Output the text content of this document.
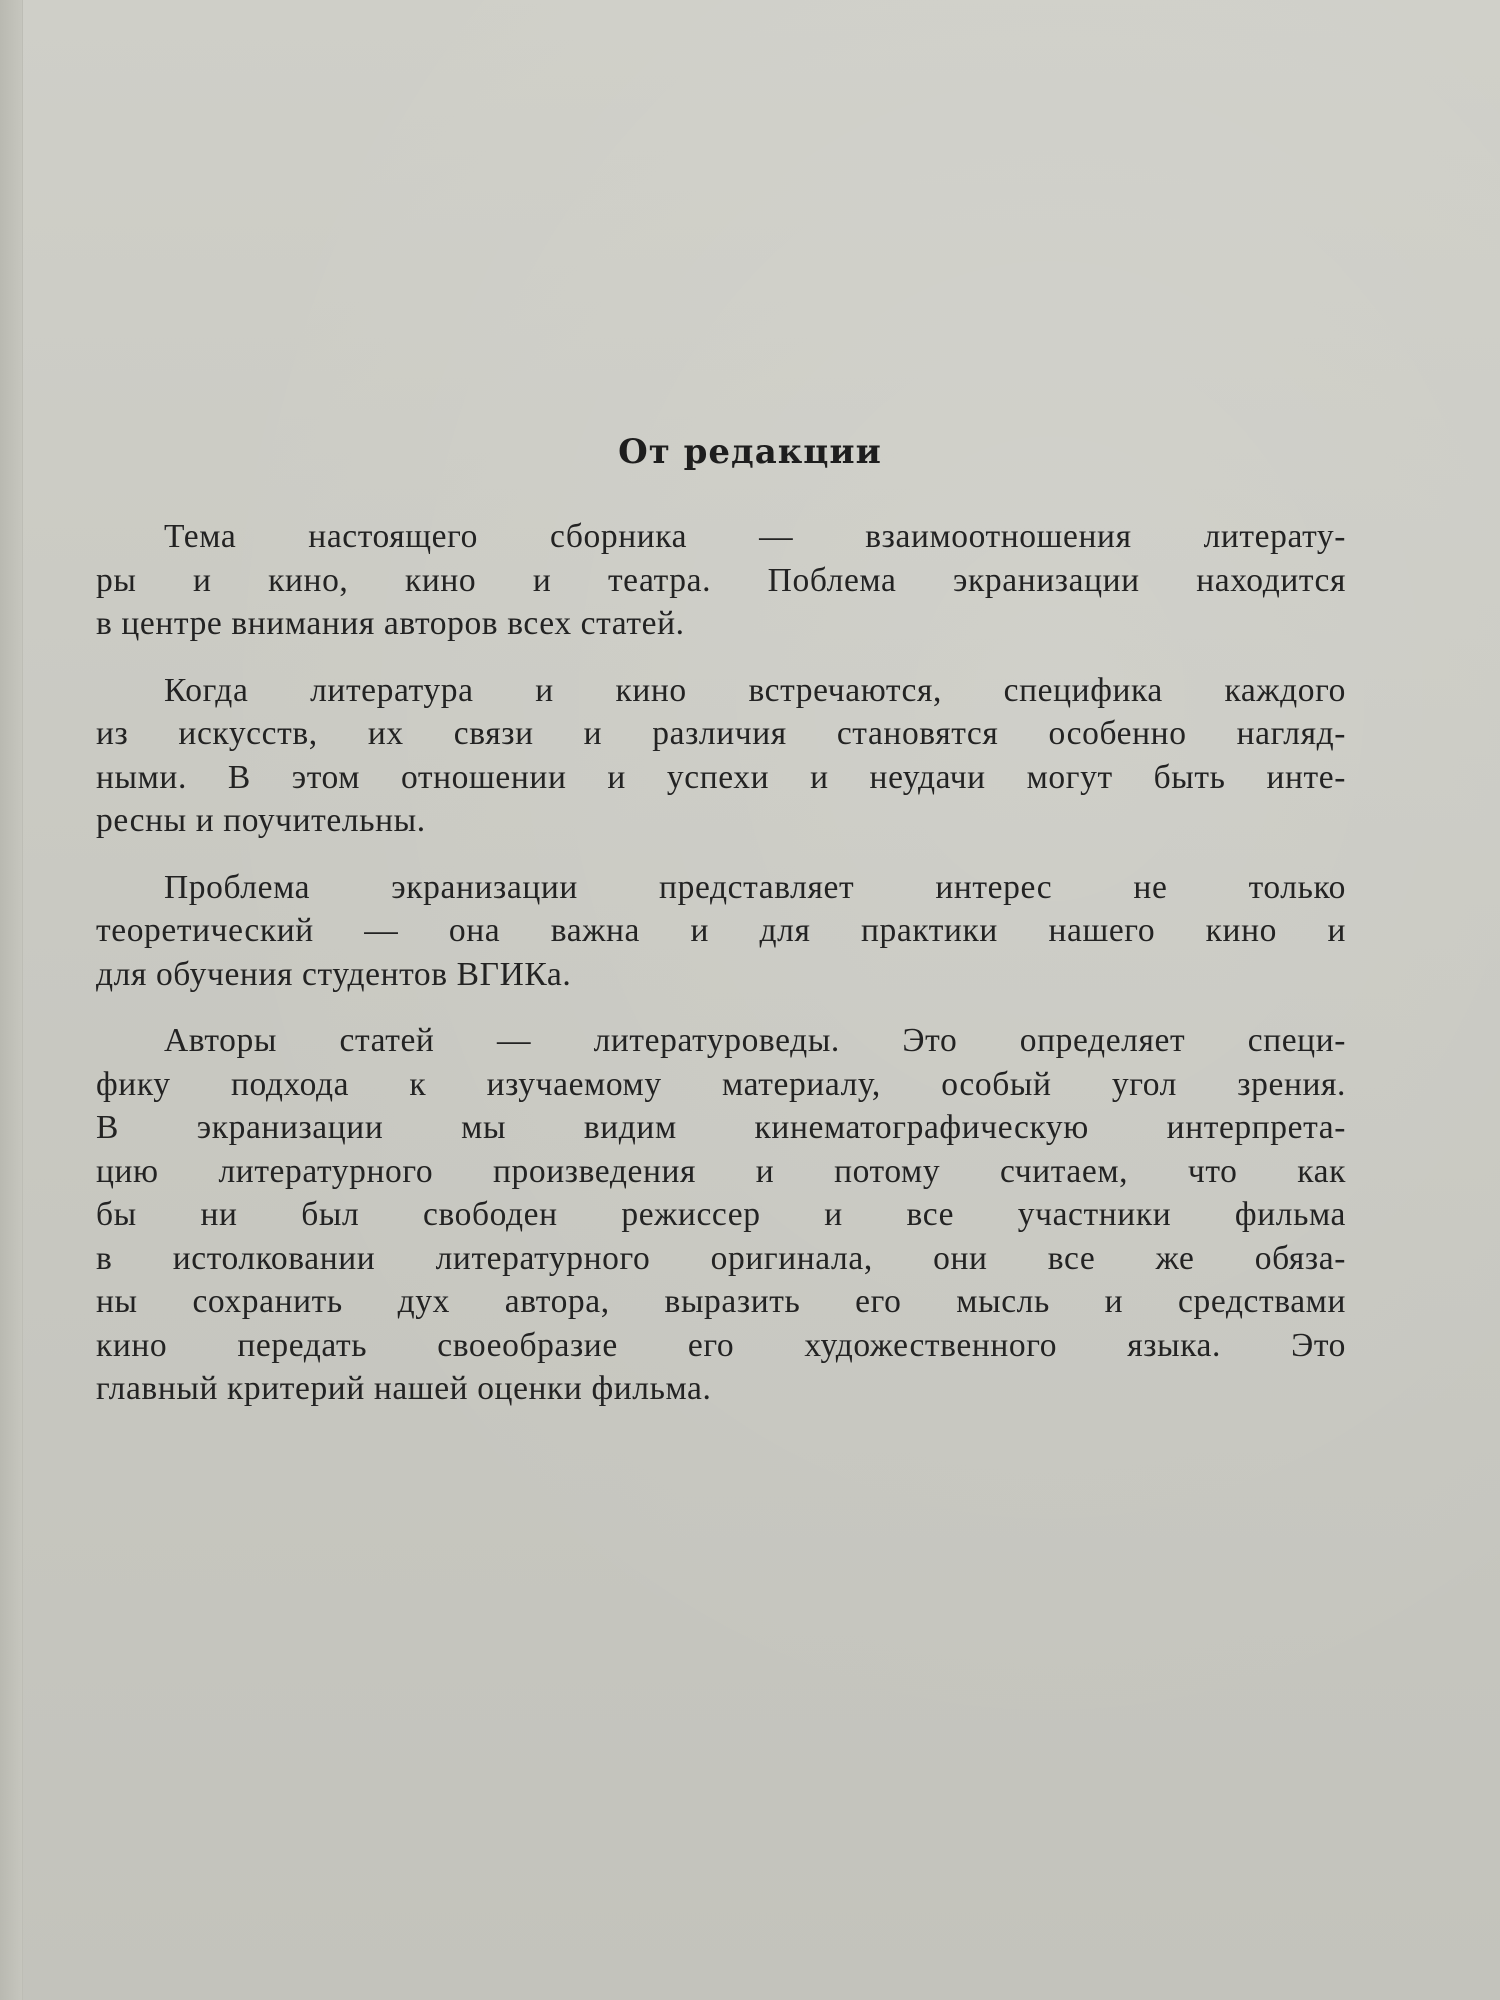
От редакции
Тема настоящего сборника — взаимоотношения литерату-
ры и кино, кино и театра. Поблема экранизации находится
в центре внимания авторов всех статей.
Когда литература и кино встречаются, специфика каждого
из искусств, их связи и различия становятся особенно нагляд-
ными. В этом отношении и успехи и неудачи могут быть инте-
ресны и поучительны.
Проблема экранизации представляет интерес не только
теоретический — она важна и для практики нашего кино и
для обучения студентов ВГИКа.
Авторы статей — литературоведы. Это определяет специ-
фику подхода к изучаемому материалу, особый угол зрения.
В экранизации мы видим кинематографическую интерпрета-
цию литературного произведения и потому считаем, что как
бы ни был свободен режиссер и все участники фильма
в истолковании литературного оригинала, они все же обяза-
ны сохранить дух автора, выразить его мысль и средствами
кино передать своеобразие его художественного языка. Это
главный критерий нашей оценки фильма.
